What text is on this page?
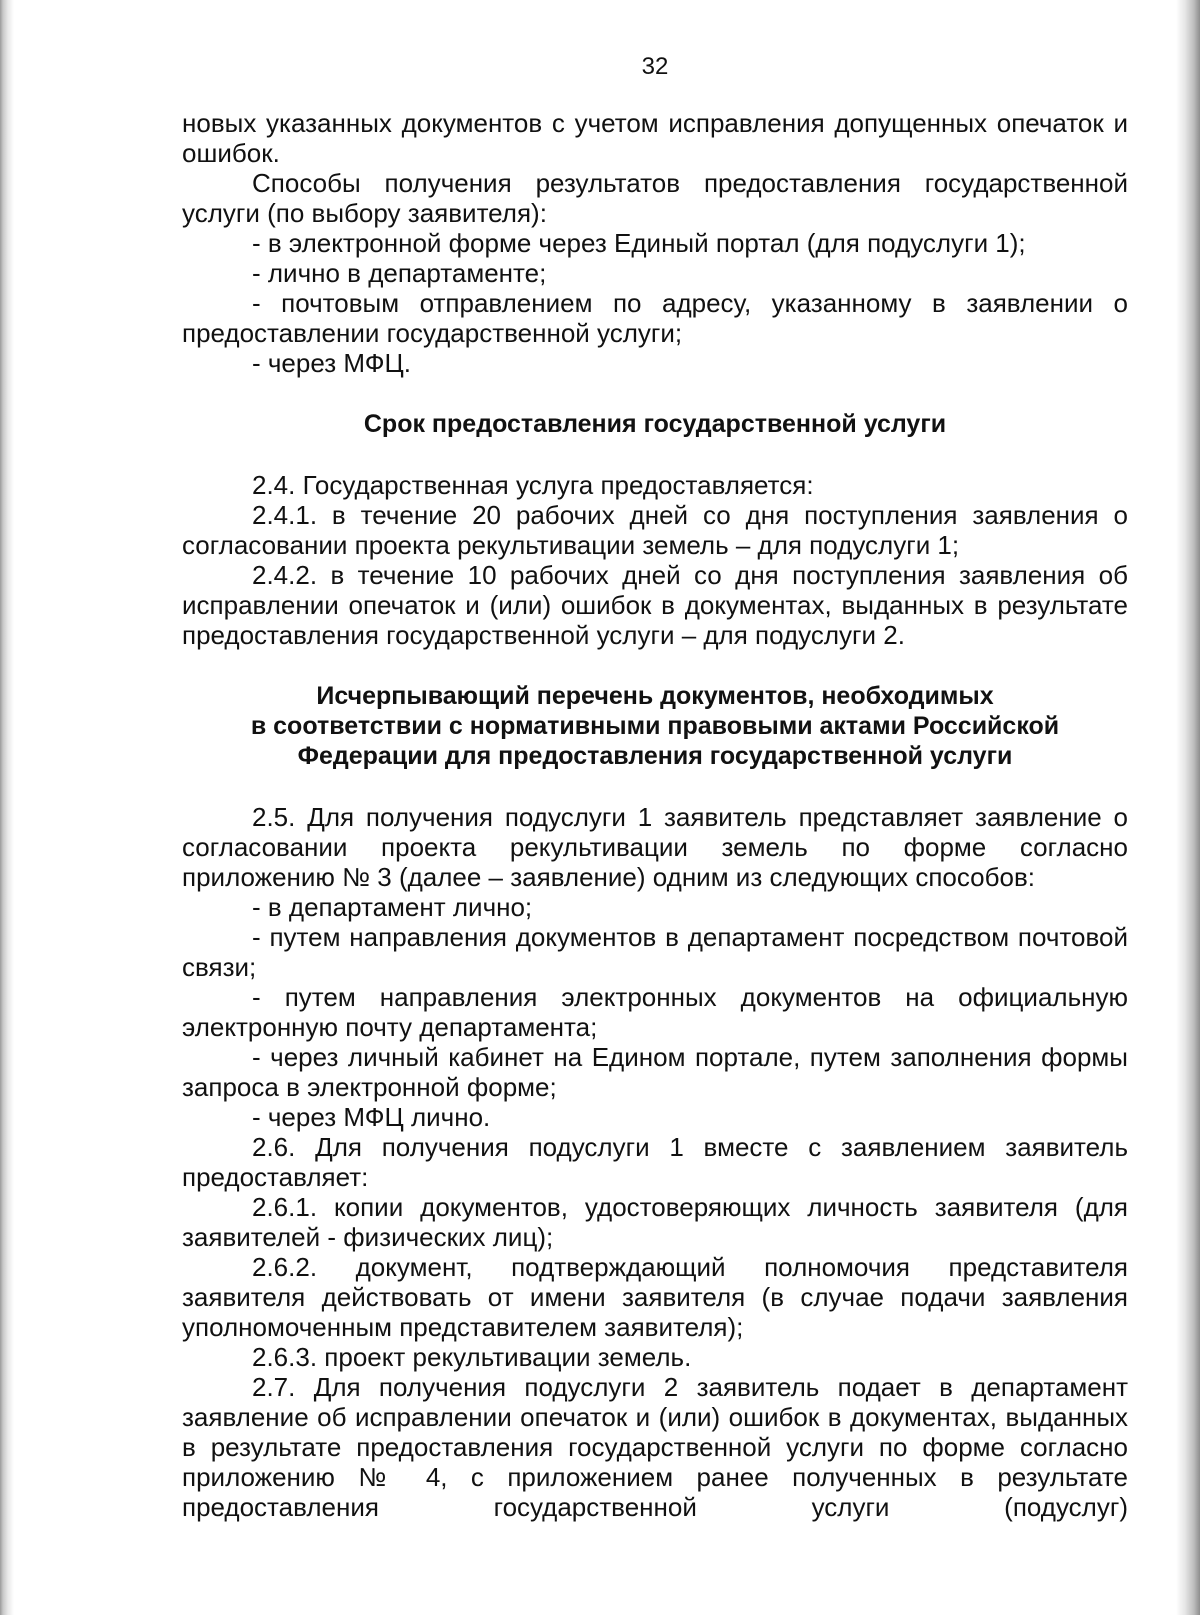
32

новых указанных документов с учетом исправления допущенных опечаток и ошибок.

Способы получения результатов предоставления государственной услуги (по выбору заявителя):

- в электронной форме через Единый портал (для подуслуги 1);

- лично в департаменте;

- почтовым отправлением по адресу, указанному в заявлении о предоставлении государственной услуги;

- через МФЦ.

Срок предоставления государственной услуги

2.4. Государственная услуга предоставляется:

2.4.1. в течение 20 рабочих дней со дня поступления заявления о согласовании проекта рекультивации земель – для подуслуги 1;

2.4.2. в течение 10 рабочих дней со дня поступления заявления об исправлении опечаток и (или) ошибок в документах, выданных в результате предоставления государственной услуги – для подуслуги 2.

Исчерпывающий перечень документов, необходимых
в соответствии с нормативными правовыми актами Российской
Федерации для предоставления государственной услуги

2.5. Для получения подуслуги 1 заявитель представляет заявление о согласовании проекта рекультивации земель по форме согласно приложению № 3 (далее – заявление) одним из следующих способов:

- в департамент лично;

- путем направления документов в департамент посредством почтовой связи;

- путем направления электронных документов на официальную электронную почту департамента;

- через личный кабинет на Едином портале, путем заполнения формы запроса в электронной форме;

- через МФЦ лично.

2.6. Для получения подуслуги 1 вместе с заявлением заявитель предоставляет:

2.6.1. копии документов, удостоверяющих личность заявителя (для заявителей - физических лиц);

2.6.2. документ, подтверждающий полномочия представителя заявителя действовать от имени заявителя (в случае подачи заявления уполномоченным представителем заявителя);

2.6.3. проект рекультивации земель.

2.7. Для получения подуслуги 2 заявитель подает в департамент заявление об исправлении опечаток и (или) ошибок в документах, выданных в результате предоставления государственной услуги по форме согласно приложению № 4, с приложением ранее полученных в результате предоставления государственной услуги (подуслуг)
